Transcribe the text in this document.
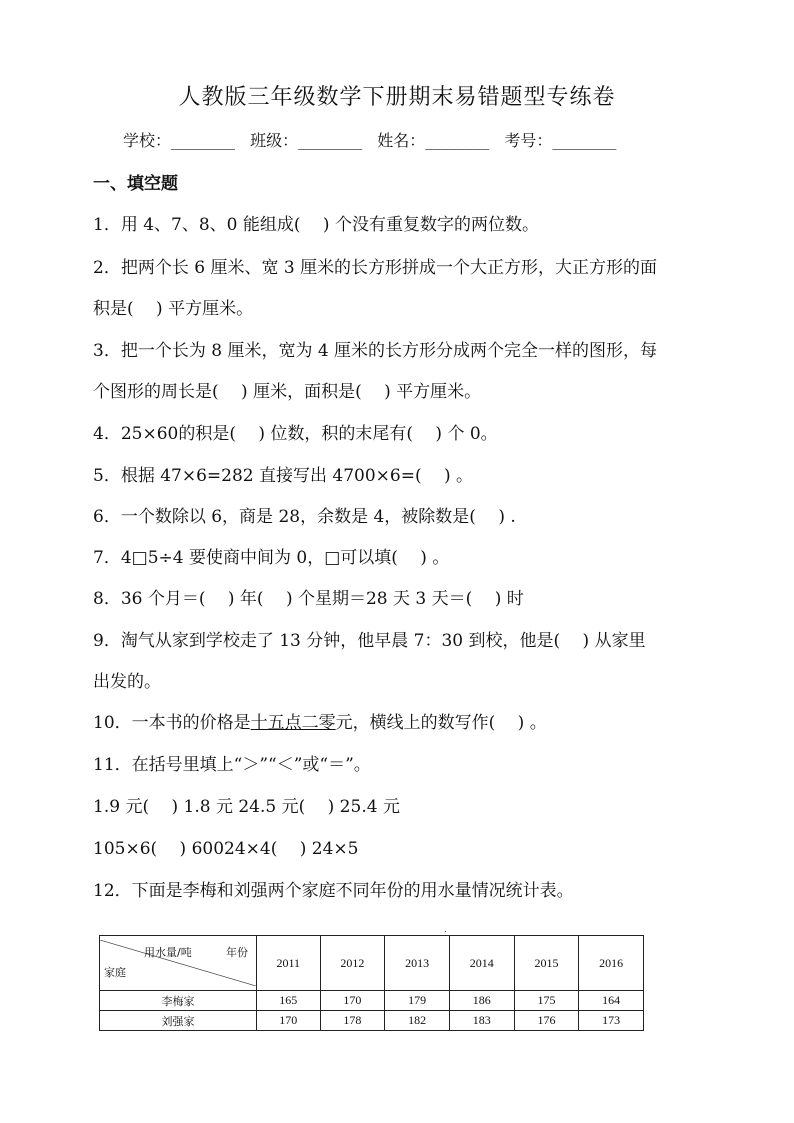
人教版三年级数学下册期末易错题型专练卷
学校：________ 班级：________ 姓名：________ 考号：________
一、填空题
1．用 4、7、8、0 能组成(　 ) 个没有重复数字的两位数。
2．把两个长 6 厘米、宽 3 厘米的长方形拼成一个大正方形，大正方形的面
积是(　 ) 平方厘米。
3．把一个长为 8 厘米，宽为 4 厘米的长方形分成两个完全一样的图形，每
个图形的周长是(　 ) 厘米，面积是(　 ) 平方厘米。
4．25×60的积是(　 ) 位数，积的末尾有(　 ) 个 0。
5．根据 47×6=282 直接写出 4700×6=(　 ) 。
6．一个数除以 6，商是 28，余数是 4，被除数是(　 ) .
7．4□5÷4 要使商中间为 0，□可以填(　 ) 。
8．36 个月＝(　 ) 年(　 ) 个星期＝28 天 3 天＝(　 ) 时
9．淘气从家到学校走了 13 分钟，他早晨 7：30 到校，他是(　 ) 从家里
出发的。
10．一本书的价格是十五点二零元，横线上的数写作(　 ) 。
11．在括号里填上“＞”“＜”或“＝”。
1.9 元(　 ) 1.8 元 24.5 元(　 ) 25.4 元
105×6(　 ) 60024×4(　 ) 24×5
12．下面是李梅和刘强两个家庭不同年份的用水量情况统计表。
.
用水量/吨 年份
家庭	2011	2012	2013	2014	2015	2016
李梅家	165	170	179	186	175	164
刘强家	170	178	182	183	176	173
